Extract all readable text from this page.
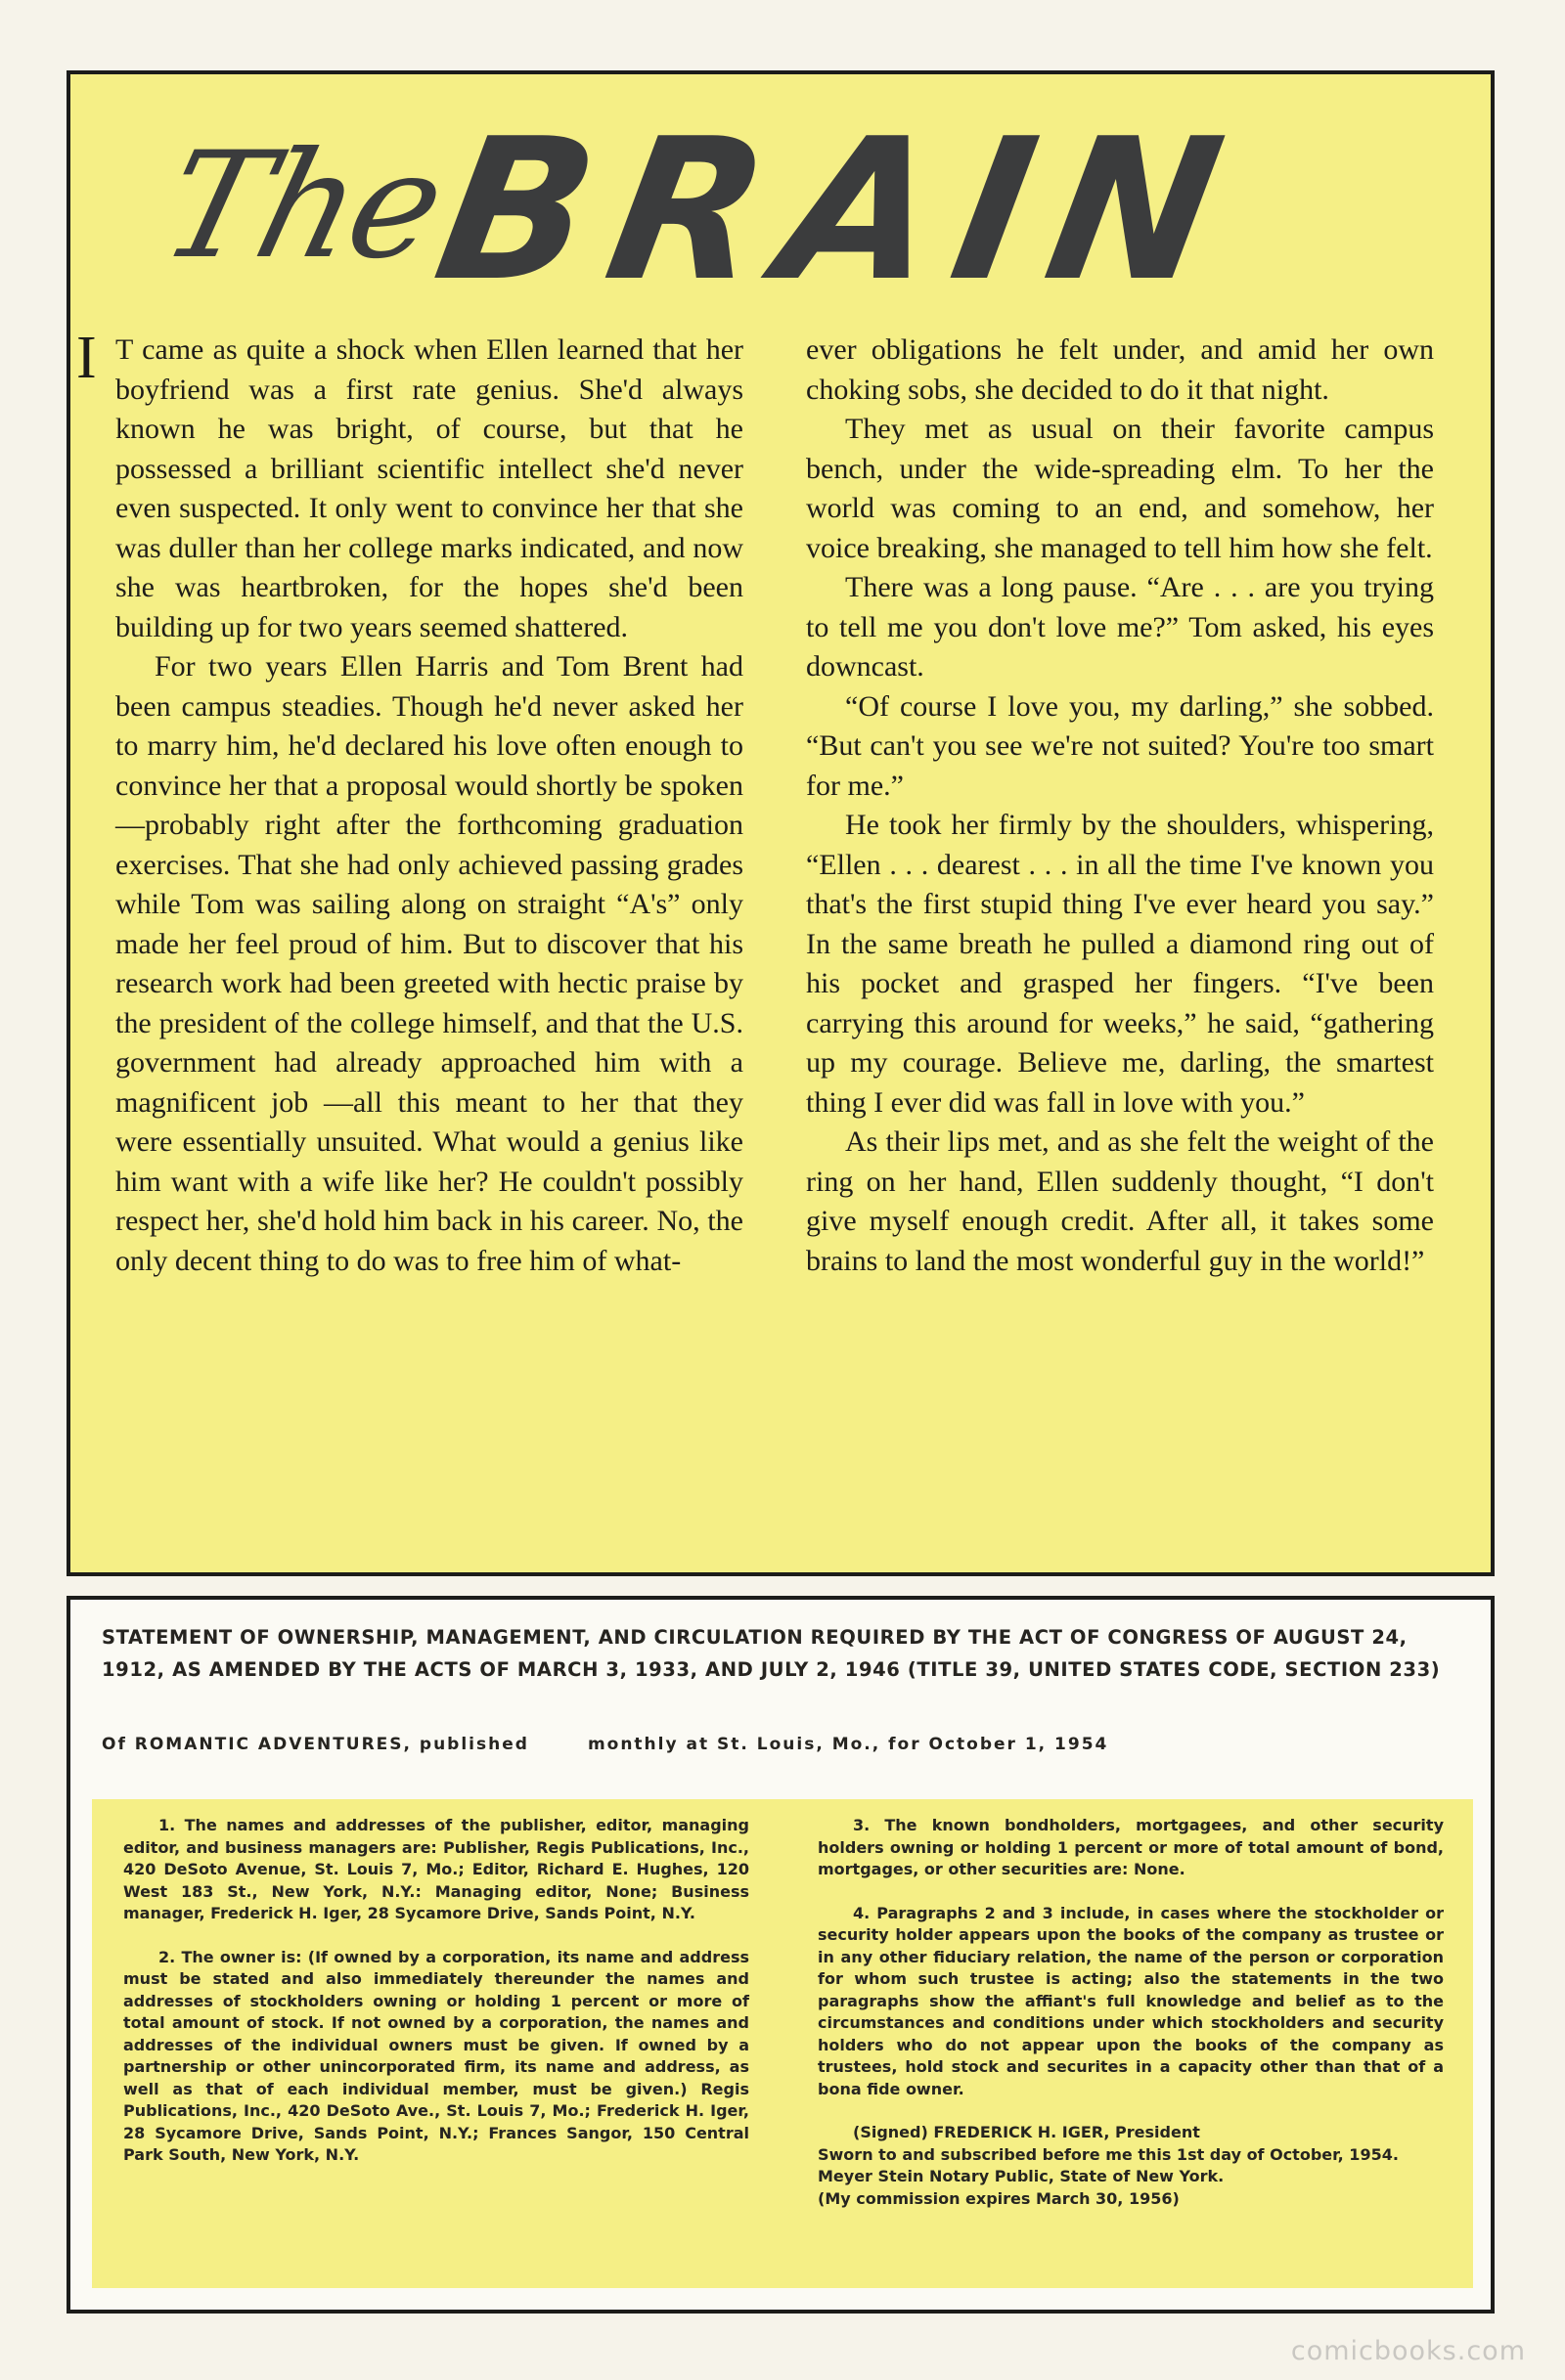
The
BRAIN

I T came as quite a shock when Ellen learned that her boyfriend was a first rate genius. She'd always known he was bright, of course, but that he possessed a brilliant scientific intellect she'd never even suspected. It only went to convince her that she was duller than her college marks indicated, and now she was heartbroken, for the hopes she'd been building up for two years seemed shattered.

For two years Ellen Harris and Tom Brent had been campus steadies. Though he'd never asked her to marry him, he'd declared his love often enough to convince her that a proposal would shortly be spoken—probably right after the forthcoming graduation exercises. That she had only achieved passing grades while Tom was sailing along on straight “A's” only made her feel proud of him. But to discover that his research work had been greeted with hectic praise by the president of the college himself, and that the U.S. government had already approached him with a magnificent job —all this meant to her that they were essentially unsuited. What would a genius like him want with a wife like her? He couldn't possibly respect her, she'd hold him back in his career. No, the only decent thing to do was to free him of what-

ever obligations he felt under, and amid her own choking sobs, she decided to do it that night.

They met as usual on their favorite campus bench, under the wide-spreading elm. To her the world was coming to an end, and somehow, her voice breaking, she managed to tell him how she felt.

There was a long pause. “Are . . . are you trying to tell me you don't love me?” Tom asked, his eyes downcast.

“Of course I love you, my darling,” she sobbed. “But can't you see we're not suited? You're too smart for me.”

He took her firmly by the shoulders, whispering, “Ellen . . . dearest . . . in all the time I've known you that's the first stupid thing I've ever heard you say.” In the same breath he pulled a diamond ring out of his pocket and grasped her fingers. “I've been carrying this around for weeks,” he said, “gathering up my courage. Believe me, darling, the smartest thing I ever did was fall in love with you.”

As their lips met, and as she felt the weight of the ring on her hand, Ellen suddenly thought, “I don't give myself enough credit. After all, it takes some brains to land the most wonderful guy in the world!”

STATEMENT OF OWNERSHIP, MANAGEMENT, AND CIRCULATION REQUIRED BY THE ACT OF CONGRESS OF AUGUST 24, 1912, AS AMENDED BY THE ACTS OF MARCH 3, 1933, AND JULY 2, 1946 (TITLE 39, UNITED STATES CODE, SECTION 233)
Of ROMANTIC ADVENTURES, published	monthly at St. Louis, Mo., for October 1, 1954

1. The names and addresses of the publisher, editor, managing editor, and business managers are: Publisher, Regis Publications, Inc., 420 DeSoto Avenue, St. Louis 7, Mo.; Editor, Richard E. Hughes, 120 West 183 St., New York, N.Y.: Managing editor, None; Business manager, Frederick H. Iger, 28 Sycamore Drive, Sands Point, N.Y.

2. The owner is: (If owned by a corporation, its name and address must be stated and also immediately thereunder the names and addresses of stockholders owning or holding 1 percent or more of total amount of stock. If not owned by a corporation, the names and addresses of the individual owners must be given. If owned by a partnership or other unincorporated firm, its name and address, as well as that of each individual member, must be given.) Regis Publications, Inc., 420 DeSoto Ave., St. Louis 7, Mo.; Frederick H. Iger, 28 Sycamore Drive, Sands Point, N.Y.; Frances Sangor, 150 Central Park South, New York, N.Y.

3. The known bondholders, mortgagees, and other security holders owning or holding 1 percent or more of total amount of bond, mortgages, or other securities are: None.

4. Paragraphs 2 and 3 include, in cases where the stockholder or security holder appears upon the books of the company as trustee or in any other fiduciary relation, the name of the person or corporation for whom such trustee is acting; also the statements in the two paragraphs show the affiant's full knowledge and belief as to the circumstances and conditions under which stockholders and security holders who do not appear upon the books of the company as trustees, hold stock and securites in a capacity other than that of a bona fide owner.

(Signed) FREDERICK H. IGER, President

Sworn to and subscribed before me this 1st day of October, 1954.

Meyer Stein Notary Public, State of New York.

(My commission expires March 30, 1956)

comicbooks.com
